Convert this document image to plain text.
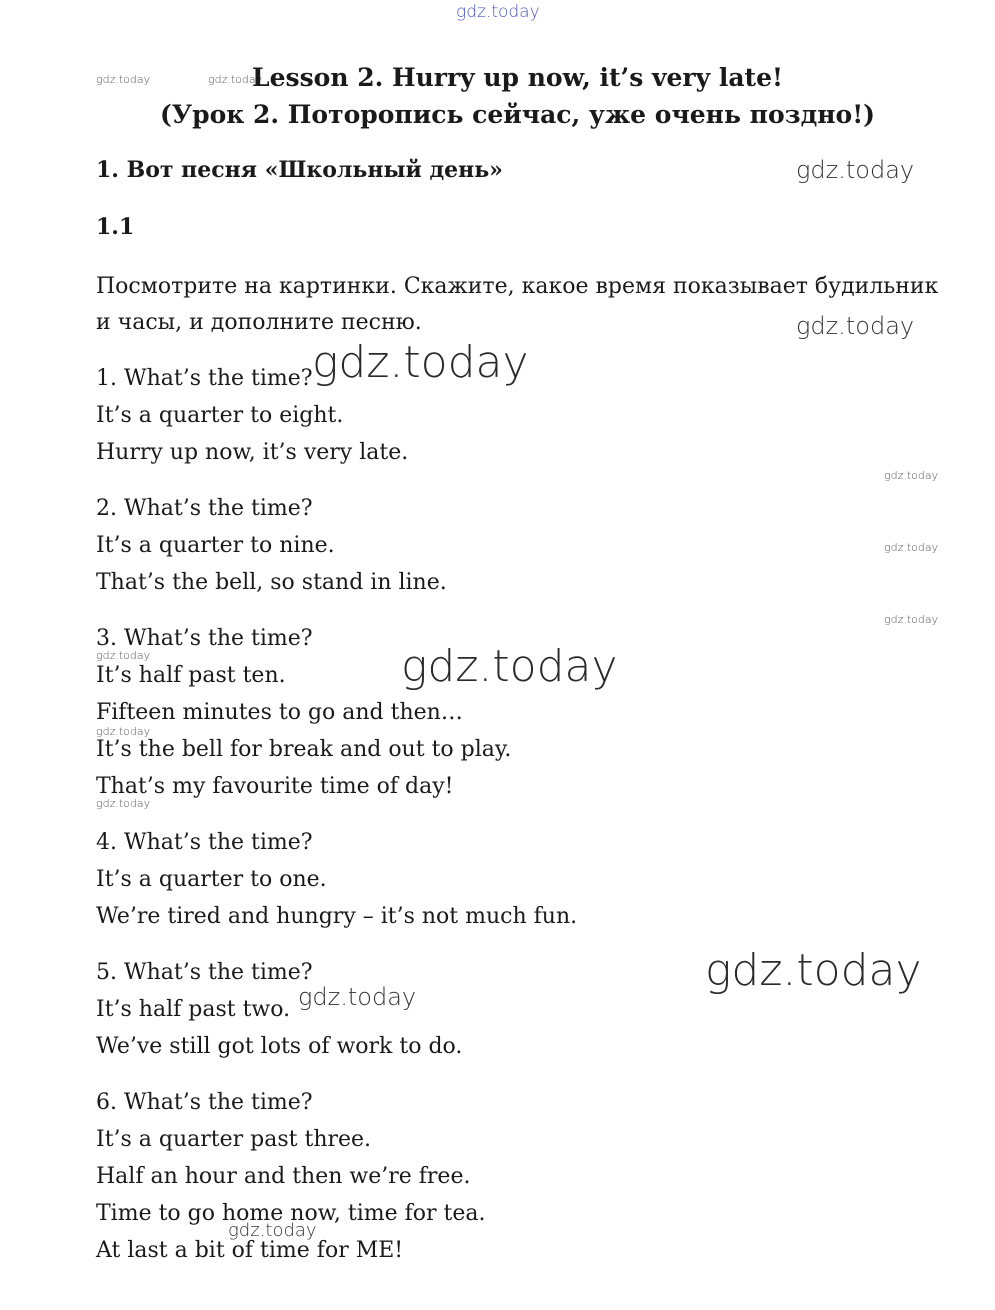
gdz.today
gdz.today	gdz.today
gdz.today
gdz.today
gdz.today
gdz.today
gdz.today
gdz.today
gdz.today	gdz.today
gdz.today
gdz.today
gdz.today
gdz.today
gdz.today
Lesson 2. Hurry up now, it’s very late!
(Урок 2. Поторопись сейчас, уже очень поздно!)
1. Вот песня «Школьный день»
1.1

Посмотрите на картинки. Скажите, какое время показывает будильник и часы, и дополните песню.

1. What’s the time?
It’s a quarter to eight.
Hurry up now, it’s very late.
2. What’s the time?
It’s a quarter to nine.
That’s the bell, so stand in line.
3. What’s the time?
It’s half past ten.
Fifteen minutes to go and then…
It’s the bell for break and out to play.
That’s my favourite time of day!
4. What’s the time?
It’s a quarter to one.
We’re tired and hungry – it’s not much fun.
5. What’s the time?
It’s half past two.
We’ve still got lots of work to do.
6. What’s the time?
It’s a quarter past three.
Half an hour and then we’re free.
Time to go home now, time for tea.
At last a bit of time for ME!
